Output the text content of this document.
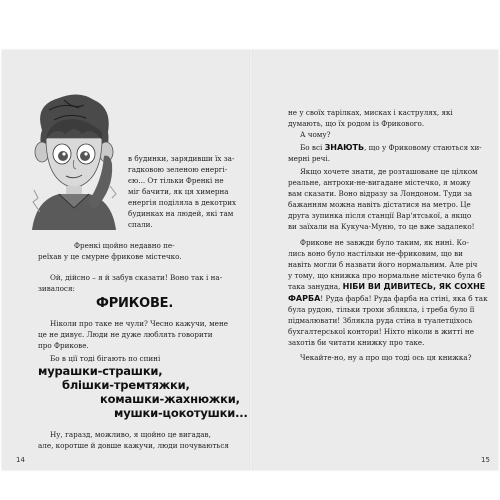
в будинки, зарядивши їх за-
гадковою зеленою енергі-
єю... От тільки Френкі не
міг бачити, як ця химерна
енергія поділяла в декотрих
будинках на людей, які там
спали.
Френкі щойно недавно пе-
реїхав у це смурне фрикове містечко.
Ой, дійсно – я й забув сказати! Воно так і на-
зивалося:
ФРИКОВЕ.
Ніколи про таке не чули? Чесно кажучи, мене
це не дивує. Люди не дуже люблять говорити
про Фрикове.
Бо в ції тоді бігають по спині
мурашки-страшки,
блішки-тремтяжки,
комашки-жахнюжки,
мушки-цокотушки...
Ну, гаразд, можливо, я щойно це вигадав,
але, коротше й довше кажучи, люди почуваються
14
не у своїх тарілках, мисках і каструлях, які
думають, що їх родом із Фрикового.
А чому?
Бо всі ЗНАЮТЬ, що у Фриковому стаються хи-
мерні речі.
Якщо хочете знати, де розташоване це цілком
реальне, антрохи-не-вигадане містечко, я можу
вам сказати. Воно відразу за Лондоном. Туди за
бажанням можна навіть дістатися на метро. Це
друга зупинка після станції Вар'ятської, а якщо
ви заїхали на Кукуча-Муню, то це вже задалеко!
Фрикове не завжди було таким, як нині. Ко-
лись воно було настільки не-фриковим, що ви
навіть могли б назвати його нормальним. Але річ
у тому, що книжка про нормальне містечко була б
така занудна, НІБИ ВИ ДИВИТЕСЬ, ЯК СОХНЕ
ФАРБА! Руда фарба! Руда фарба на стіні, яка б так
була рудою, тільки трохи збляклa, і треба було її
підмалювати! Збляклa руда стіна в туалетціхось
бухгалтерської контори! Ніхто ніколи в житті не
захотів би читати книжку про таке.
Чекайте-но, ну а про що тоді ось ця книжка?
15
